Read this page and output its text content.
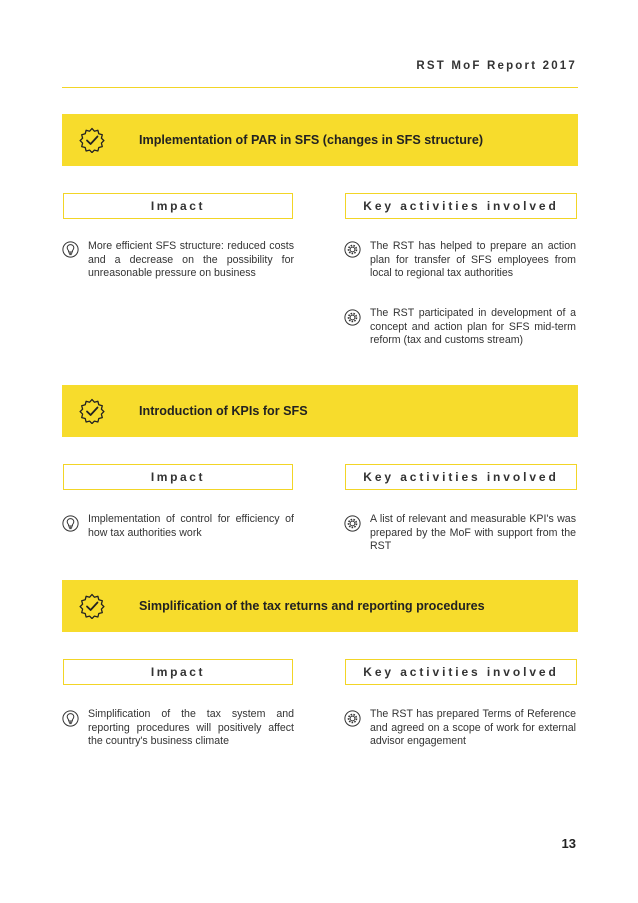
RST MoF Report 2017
Implementation of PAR in SFS (changes in SFS structure)
Impact	Key activities involved
More efficient SFS structure: reduced costs and a decrease on the possibility for unreasonable pressure on business
The RST has helped to prepare an action plan for transfer of SFS employees from local to regional tax authorities
The RST participated in development of a concept and action plan for SFS mid-term reform (tax and customs stream)
Introduction of KPIs for SFS
Impact	Key activities involved
Implementation of control for efficiency of how tax authorities work
A list of relevant and measurable KPI's was prepared by the MoF with support from the RST
Simplification of the tax returns and reporting procedures
Impact	Key activities involved
Simplification of the tax system and reporting procedures will positively affect the country's business climate
The RST has prepared Terms of Reference and agreed on a scope of work for external advisor engagement
13
